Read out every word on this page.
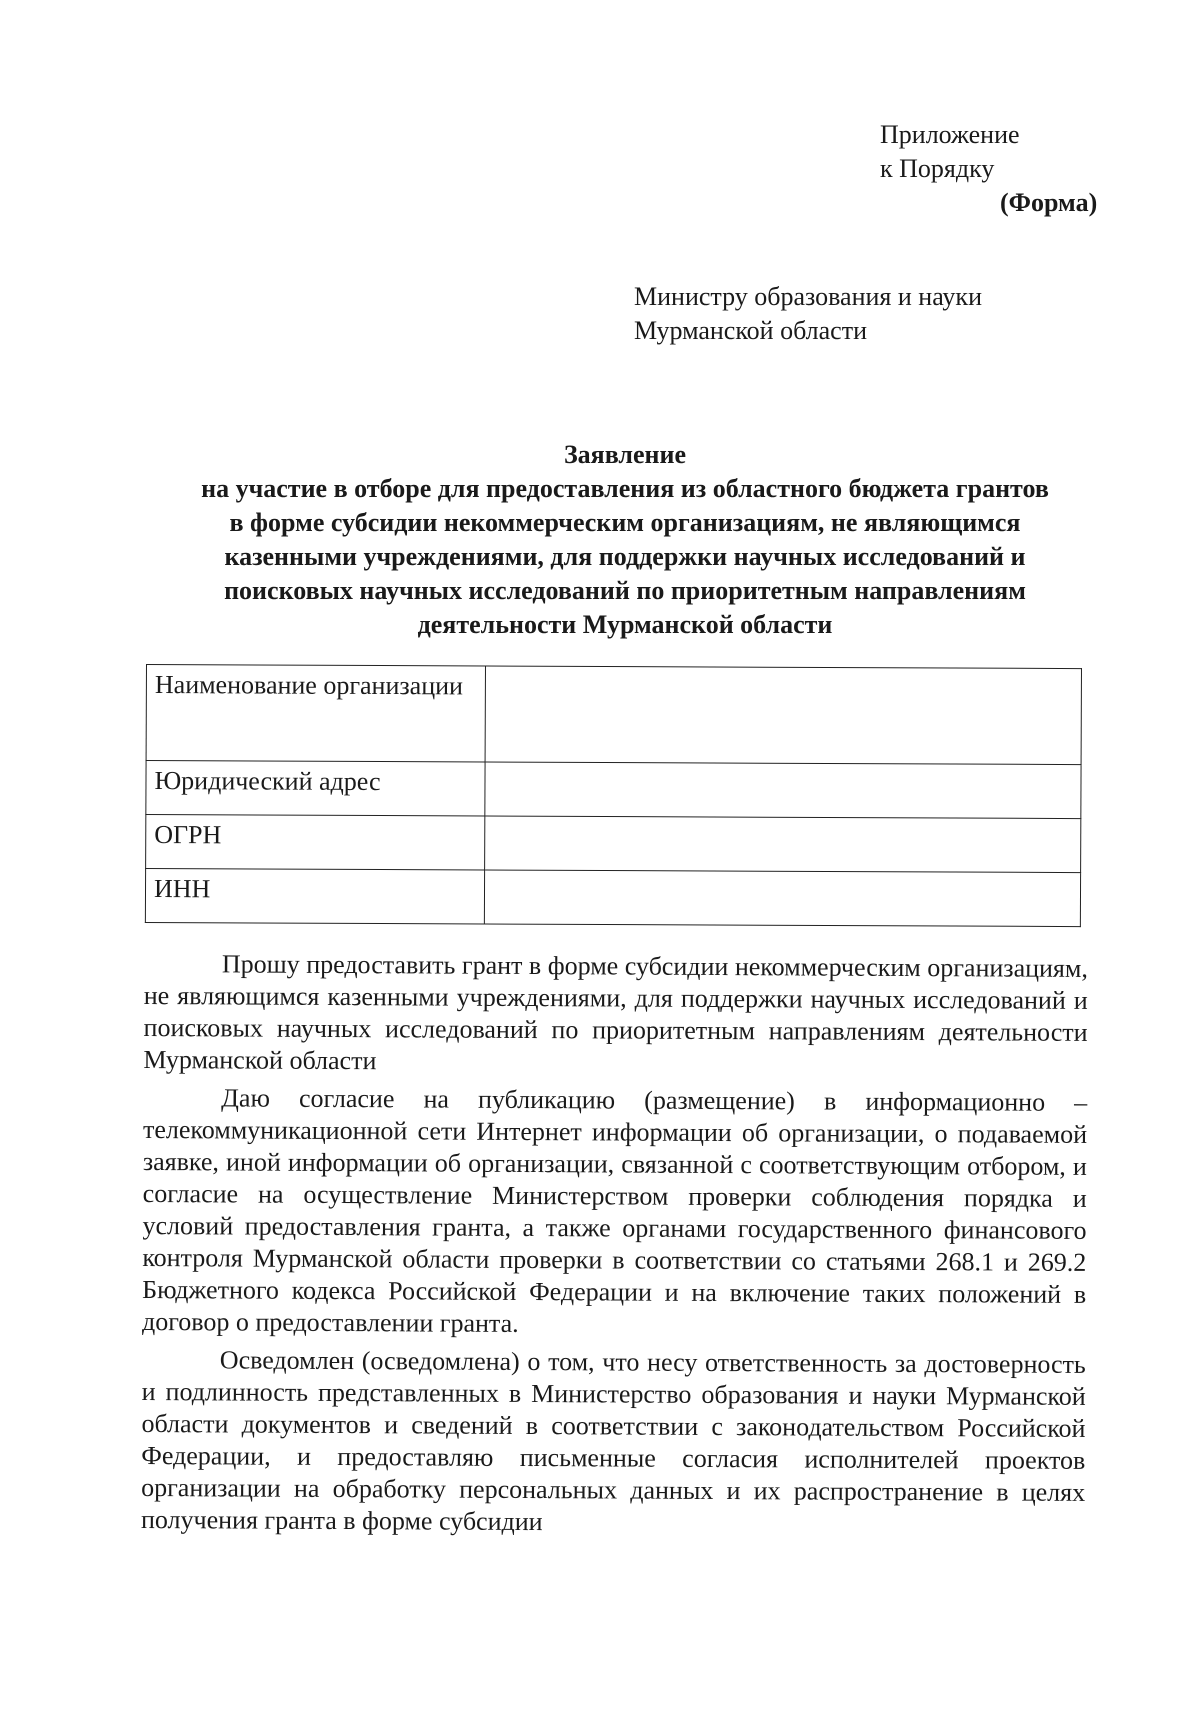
Приложение
к Порядку
(Форма)
Министру образования и науки
Мурманской области
Заявление
на участие в отборе для предоставления из областного бюджета грантов
в форме субсидии некоммерческим организациям, не являющимся
казенными учреждениями, для поддержки научных исследований и
поисковых научных исследований по приоритетным направлениям
деятельности Мурманской области
Наименование организации	
Юридический адрес	
ОГРН	
ИНН	

Прошу предоставить грант в форме субсидии некоммерческим организациям, не являющимся казенными учреждениями, для поддержки научных исследований и поисковых научных исследований по приоритетным направлениям деятельности Мурманской области

Даю согласие на публикацию (размещение) в информационно – телекоммуникационной сети Интернет информации об организации, о подаваемой заявке, иной информации об организации, связанной с соответствующим отбором, и согласие на осуществление Министерством проверки соблюдения порядка и условий предоставления гранта, а также органами государственного финансового контроля Мурманской области проверки в соответствии со статьями 268.1 и 269.2 Бюджетного кодекса Российской Федерации и на включение таких положений в договор о предоставлении гранта.

Осведомлен (осведомлена) о том, что несу ответственность за достоверность и подлинность представленных в Министерство образования и науки Мурманской области документов и сведений в соответствии с законодательством Российской Федерации, и предоставляю письменные согласия исполнителей проектов организации на обработку персональных данных и их распространение в целях получения гранта в форме субсидии
